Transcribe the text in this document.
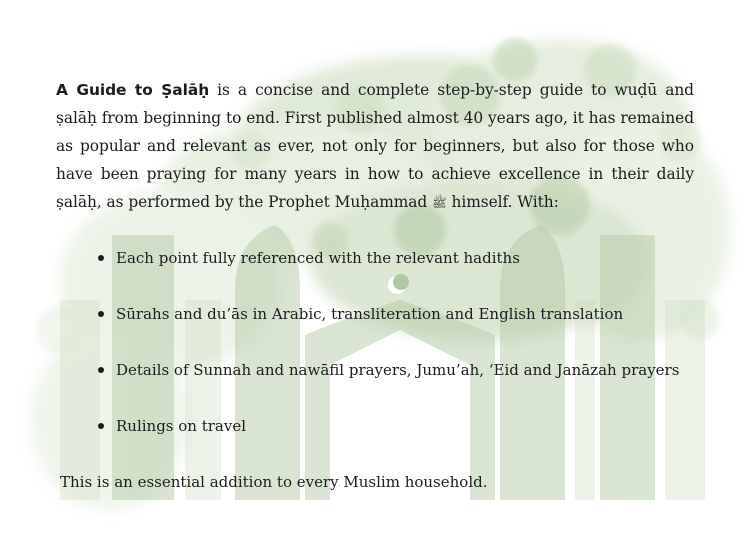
A Guide to Ṣalāḥ is a concise and complete step-by-step guide to wuḍū and ṣalāḥ from beginning to end. First published almost 40 years ago, it has remained as popular and relevant as ever, not only for beginners, but also for those who have been praying for many years in how to achieve excellence in their daily ṣalāḥ, as performed by the Prophet Muḥammad ﷺ himself. With:

Each point fully referenced with the relevant hadiths
Sūrahs and du’ās in Arabic, transliteration and English translation
Details of Sunnah and nawāfil prayers, Jumu’ah, ‘Eid and Janāzah prayers
Rulings on travel

This is an essential addition to every Muslim household.
